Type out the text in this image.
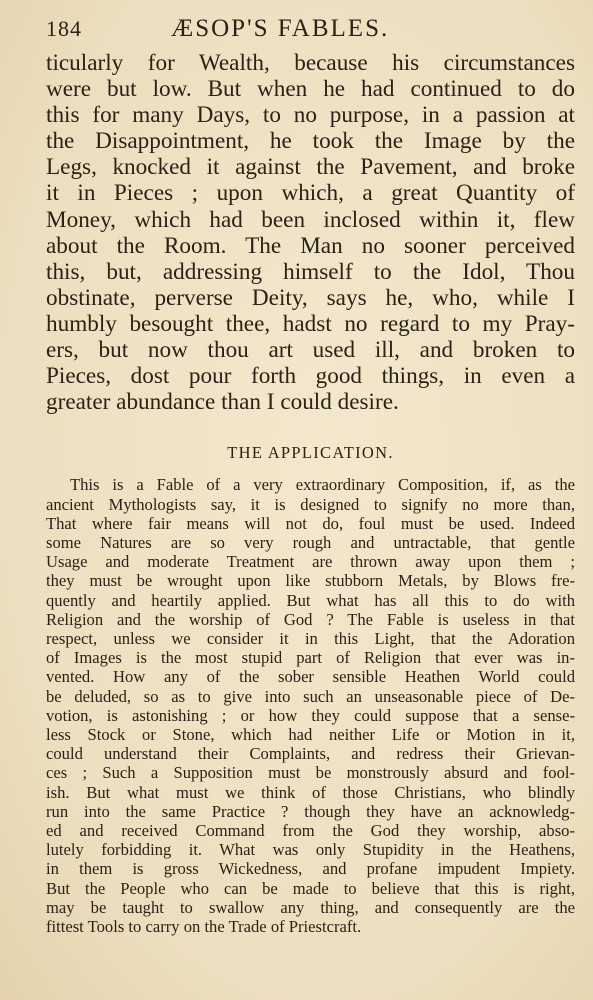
184	ÆSOP'S FABLES.

ticularly for Wealth, because his circumstances

were but low. But when he had continued to do

this for many Days, to no purpose, in a passion at

the Disappointment, he took the Image by the

Legs, knocked it against the Pavement, and broke

it in Pieces ; upon which, a great Quantity of

Money, which had been inclosed within it, flew

about the Room. The Man no sooner perceived

this, but, addressing himself to the Idol, Thou

obstinate, perverse Deity, says he, who, while I

humbly besought thee, hadst no regard to my Pray-

ers, but now thou art used ill, and broken to

Pieces, dost pour forth good things, in even a

greater abundance than I could desire.

THE APPLICATION.

This is a Fable of a very extraordinary Composition, if, as the

ancient Mythologists say, it is designed to signify no more than,

That where fair means will not do, foul must be used. Indeed

some Natures are so very rough and untractable, that gentle

Usage and moderate Treatment are thrown away upon them ;

they must be wrought upon like stubborn Metals, by Blows fre-

quently and heartily applied. But what has all this to do with

Religion and the worship of God ? The Fable is useless in that

respect, unless we consider it in this Light, that the Adoration

of Images is the most stupid part of Religion that ever was in-

vented. How any of the sober sensible Heathen World could

be deluded, so as to give into such an unseasonable piece of De-

votion, is astonishing ; or how they could suppose that a sense-

less Stock or Stone, which had neither Life or Motion in it,

could understand their Complaints, and redress their Grievan-

ces ; Such a Supposition must be monstrously absurd and fool-

ish. But what must we think of those Christians, who blindly

run into the same Practice ? though they have an acknowledg-

ed and received Command from the God they worship, abso-

lutely forbidding it. What was only Stupidity in the Heathens,

in them is gross Wickedness, and profane impudent Impiety.

But the People who can be made to believe that this is right,

may be taught to swallow any thing, and consequently are the

fittest Tools to carry on the Trade of Priestcraft.
